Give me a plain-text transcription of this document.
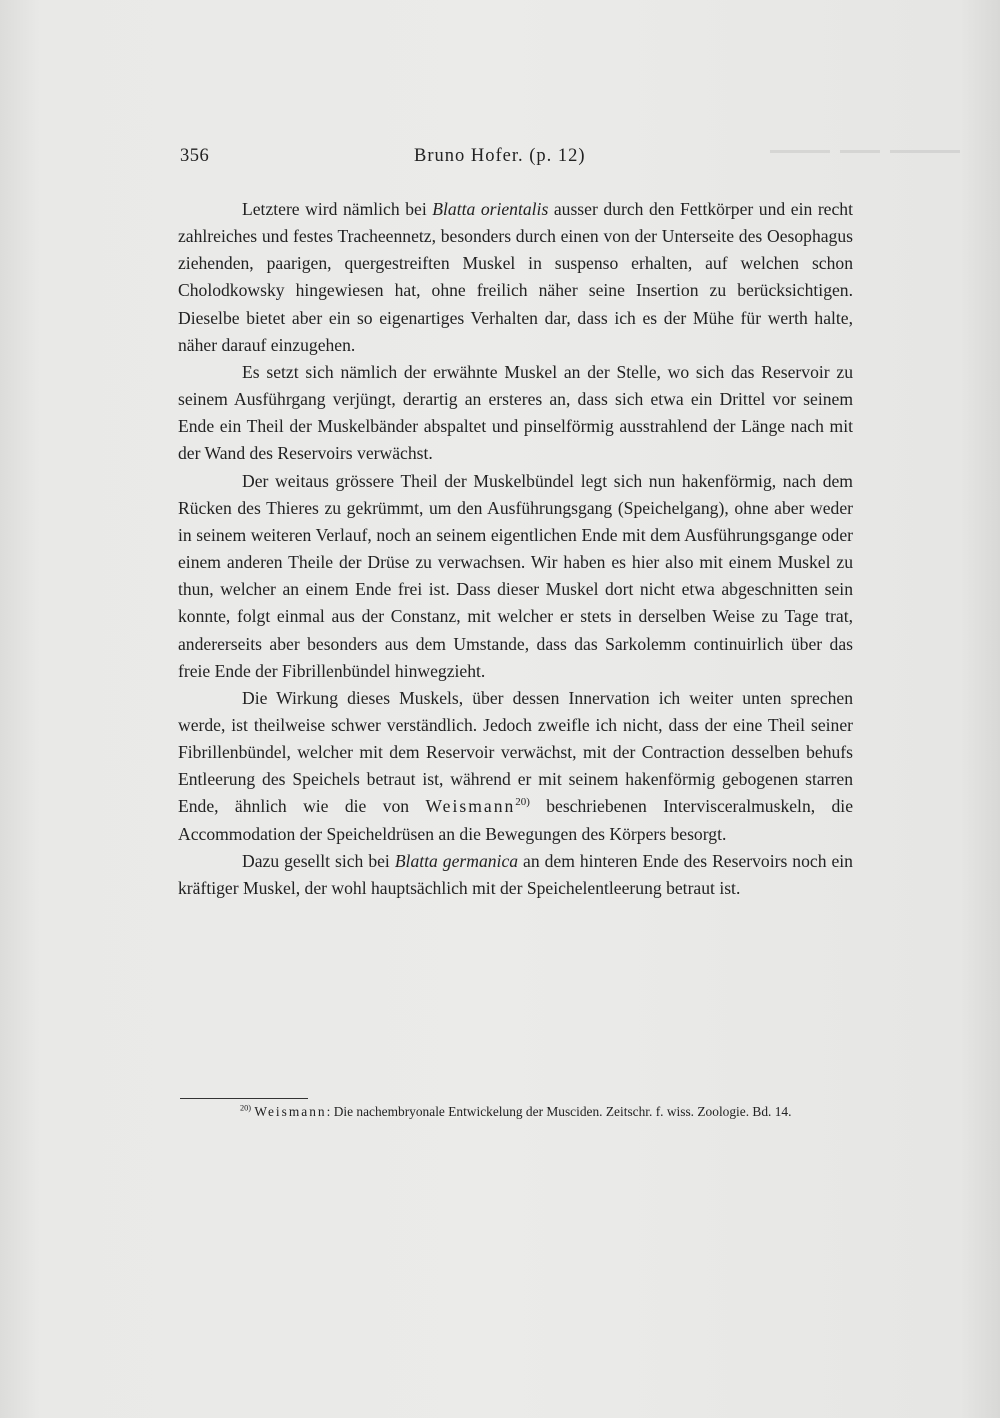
356	Bruno Hofer. (p. 12)

Letztere wird nämlich bei Blatta orientalis ausser durch den Fettkörper und ein recht zahlreiches und festes Tracheennetz, besonders durch einen von der Unterseite des Oesophagus ziehenden, paarigen, quergestreiften Muskel in suspenso erhalten, auf welchen schon Cholodkowsky hingewiesen hat, ohne freilich näher seine Insertion zu berücksichtigen. Dieselbe bietet aber ein so eigenartiges Verhalten dar, dass ich es der Mühe für werth halte, näher darauf einzugehen.

Es setzt sich nämlich der erwähnte Muskel an der Stelle, wo sich das Reservoir zu seinem Ausführgang verjüngt, derartig an ersteres an, dass sich etwa ein Drittel vor seinem Ende ein Theil der Muskelbänder abspaltet und pinselförmig ausstrahlend der Länge nach mit der Wand des Reservoirs verwächst.

Der weitaus grössere Theil der Muskelbündel legt sich nun hakenförmig, nach dem Rücken des Thieres zu gekrümmt, um den Ausführungsgang (Speichelgang), ohne aber weder in seinem weiteren Verlauf, noch an seinem eigentlichen Ende mit dem Ausführungsgange oder einem anderen Theile der Drüse zu verwachsen. Wir haben es hier also mit einem Muskel zu thun, welcher an einem Ende frei ist. Dass dieser Muskel dort nicht etwa abgeschnitten sein konnte, folgt einmal aus der Constanz, mit welcher er stets in derselben Weise zu Tage trat, andererseits aber besonders aus dem Umstande, dass das Sarkolemm continuirlich über das freie Ende der Fibrillenbündel hinwegzieht.

Die Wirkung dieses Muskels, über dessen Innervation ich weiter unten sprechen werde, ist theilweise schwer verständlich. Jedoch zweifle ich nicht, dass der eine Theil seiner Fibrillenbündel, welcher mit dem Reservoir verwächst, mit der Contraction desselben behufs Entleerung des Speichels betraut ist, während er mit seinem hakenförmig gebogenen starren Ende, ähnlich wie die von Weismann$^{20)}$ beschriebenen Intervisceralmuskeln, die Accommodation der Speicheldrüsen an die Bewegungen des Körpers besorgt.

Dazu gesellt sich bei Blatta germanica an dem hinteren Ende des Reservoirs noch ein kräftiger Muskel, der wohl hauptsächlich mit der Speichelentleerung betraut ist.

$^{20)}$ Weismann: Die nachembryonale Entwickelung der Musciden. Zeitschr. f. wiss. Zoologie. Bd. 14.
